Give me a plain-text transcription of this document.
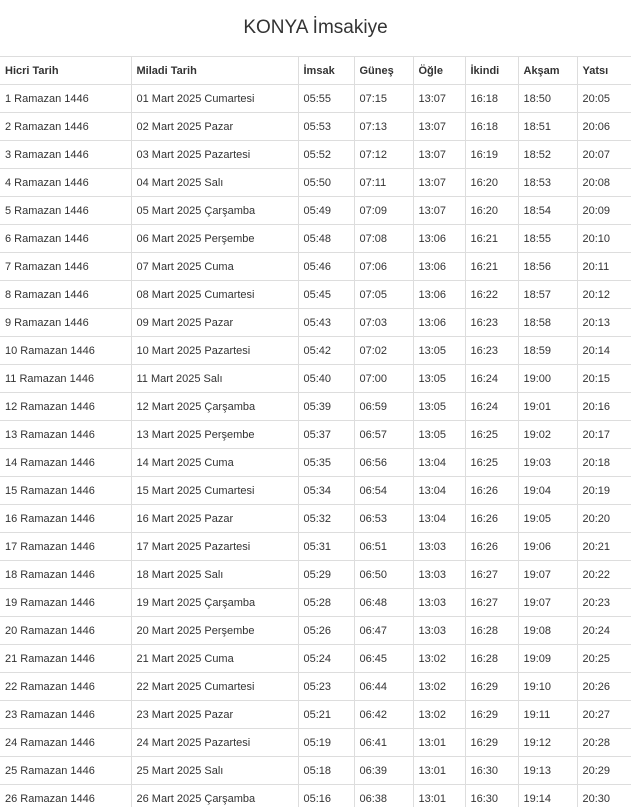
KONYA İmsakiye
Hicri Tarih	Miladi Tarih	İmsak	Güneş	Öğle	İkindi	Akşam	Yatsı
1 Ramazan 1446	01 Mart 2025 Cumartesi	05:55	07:15	13:07	16:18	18:50	20:05
2 Ramazan 1446	02 Mart 2025 Pazar	05:53	07:13	13:07	16:18	18:51	20:06
3 Ramazan 1446	03 Mart 2025 Pazartesi	05:52	07:12	13:07	16:19	18:52	20:07
4 Ramazan 1446	04 Mart 2025 Salı	05:50	07:11	13:07	16:20	18:53	20:08
5 Ramazan 1446	05 Mart 2025 Çarşamba	05:49	07:09	13:07	16:20	18:54	20:09
6 Ramazan 1446	06 Mart 2025 Perşembe	05:48	07:08	13:06	16:21	18:55	20:10
7 Ramazan 1446	07 Mart 2025 Cuma	05:46	07:06	13:06	16:21	18:56	20:11
8 Ramazan 1446	08 Mart 2025 Cumartesi	05:45	07:05	13:06	16:22	18:57	20:12
9 Ramazan 1446	09 Mart 2025 Pazar	05:43	07:03	13:06	16:23	18:58	20:13
10 Ramazan 1446	10 Mart 2025 Pazartesi	05:42	07:02	13:05	16:23	18:59	20:14
11 Ramazan 1446	11 Mart 2025 Salı	05:40	07:00	13:05	16:24	19:00	20:15
12 Ramazan 1446	12 Mart 2025 Çarşamba	05:39	06:59	13:05	16:24	19:01	20:16
13 Ramazan 1446	13 Mart 2025 Perşembe	05:37	06:57	13:05	16:25	19:02	20:17
14 Ramazan 1446	14 Mart 2025 Cuma	05:35	06:56	13:04	16:25	19:03	20:18
15 Ramazan 1446	15 Mart 2025 Cumartesi	05:34	06:54	13:04	16:26	19:04	20:19
16 Ramazan 1446	16 Mart 2025 Pazar	05:32	06:53	13:04	16:26	19:05	20:20
17 Ramazan 1446	17 Mart 2025 Pazartesi	05:31	06:51	13:03	16:26	19:06	20:21
18 Ramazan 1446	18 Mart 2025 Salı	05:29	06:50	13:03	16:27	19:07	20:22
19 Ramazan 1446	19 Mart 2025 Çarşamba	05:28	06:48	13:03	16:27	19:07	20:23
20 Ramazan 1446	20 Mart 2025 Perşembe	05:26	06:47	13:03	16:28	19:08	20:24
21 Ramazan 1446	21 Mart 2025 Cuma	05:24	06:45	13:02	16:28	19:09	20:25
22 Ramazan 1446	22 Mart 2025 Cumartesi	05:23	06:44	13:02	16:29	19:10	20:26
23 Ramazan 1446	23 Mart 2025 Pazar	05:21	06:42	13:02	16:29	19:11	20:27
24 Ramazan 1446	24 Mart 2025 Pazartesi	05:19	06:41	13:01	16:29	19:12	20:28
25 Ramazan 1446	25 Mart 2025 Salı	05:18	06:39	13:01	16:30	19:13	20:29
26 Ramazan 1446	26 Mart 2025 Çarşamba	05:16	06:38	13:01	16:30	19:14	20:30
